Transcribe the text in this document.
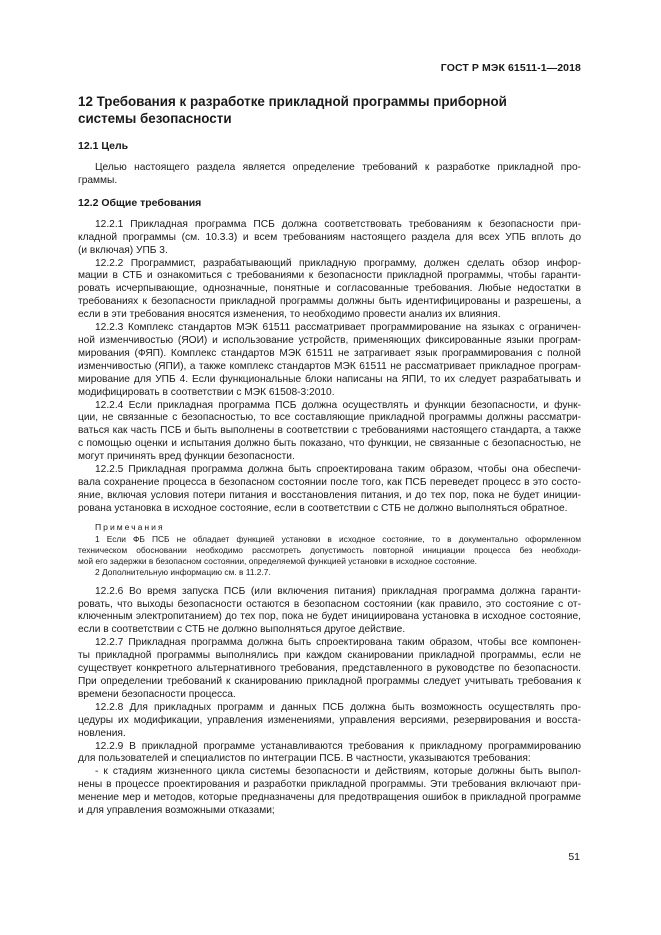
ГОСТ Р МЭК 61511-1—2018
12 Требования к разработке прикладной программы приборной
системы безопасности
12.1 Цель
Целью настоящего раздела является определение требований к разработке прикладной про-
граммы.
12.2 Общие требования
12.2.1 Прикладная программа ПСБ должна соответствовать требованиям к безопасности при-
кладной программы (см. 10.3.3) и всем требованиям настоящего раздела для всех УПБ вплоть до
(и включая) УПБ 3.
12.2.2 Программист, разрабатывающий прикладную программу, должен сделать обзор инфор-
мации в СТБ и ознакомиться с требованиями к безопасности прикладной программы, чтобы гаранти-
ровать исчерпывающие, однозначные, понятные и согласованные требования. Любые недостатки в
требованиях к безопасности прикладной программы должны быть идентифицированы и разрешены, а
если в эти требования вносятся изменения, то необходимо провести анализ их влияния.
12.2.3 Комплекс стандартов МЭК 61511 рассматривает программирование на языках с ограничен-
ной изменчивостью (ЯОИ) и использование устройств, применяющих фиксированные языки програм-
мирования (ФЯП). Комплекс стандартов МЭК 61511 не затрагивает язык программирования с полной
изменчивостью (ЯПИ), а также комплекс стандартов МЭК 61511 не рассматривает прикладное програм-
мирование для УПБ 4. Если функциональные блоки написаны на ЯПИ, то их следует разрабатывать и
модифицировать в соответствии с МЭК 61508-3:2010.
12.2.4 Если прикладная программа ПСБ должна осуществлять и функции безопасности, и функ-
ции, не связанные с безопасностью, то все составляющие прикладной программы должны рассматри-
ваться как часть ПСБ и быть выполнены в соответствии с требованиями настоящего стандарта, а также
с помощью оценки и испытания должно быть показано, что функции, не связанные с безопасностью, не
могут причинять вред функции безопасности.
12.2.5 Прикладная программа должна быть спроектирована таким образом, чтобы она обеспечи-
вала сохранение процесса в безопасном состоянии после того, как ПСБ переведет процесс в это состо-
яние, включая условия потери питания и восстановления питания, и до тех пор, пока не будет иниции-
рована установка в исходное состояние, если в соответствии с СТБ не должно выполняться обратное.
Примечания
1 Если ФБ ПСБ не обладает функцией установки в исходное состояние, то в документально оформленном
техническом обосновании необходимо рассмотреть допустимость повторной инициации процесса без необходи-
мой его задержки в безопасном состоянии, определяемой функцией установки в исходное состояние.
2 Дополнительную информацию см. в 11.2.7.
12.2.6 Во время запуска ПСБ (или включения питания) прикладная программа должна гаранти-
ровать, что выходы безопасности остаются в безопасном состоянии (как правило, это состояние с от-
ключенным электропитанием) до тех пор, пока не будет инициирована установка в исходное состояние,
если в соответствии с СТБ не должно выполняться другое действие.
12.2.7 Прикладная программа должна быть спроектирована таким образом, чтобы все компонен-
ты прикладной программы выполнялись при каждом сканировании прикладной программы, если не
существует конкретного альтернативного требования, представленного в руководстве по безопасности.
При определении требований к сканированию прикладной программы следует учитывать требования к
времени безопасности процесса.
12.2.8 Для прикладных программ и данных ПСБ должна быть возможность осуществлять про-
цедуры их модификации, управления изменениями, управления версиями, резервирования и восста-
новления.
12.2.9 В прикладной программе устанавливаются требования к прикладному программированию
для пользователей и специалистов по интеграции ПСБ. В частности, указываются требования:
- к стадиям жизненного цикла системы безопасности и действиям, которые должны быть выпол-
нены в процессе проектирования и разработки прикладной программы. Эти требования включают при-
менение мер и методов, которые предназначены для предотвращения ошибок в прикладной программе
и для управления возможными отказами;
51
